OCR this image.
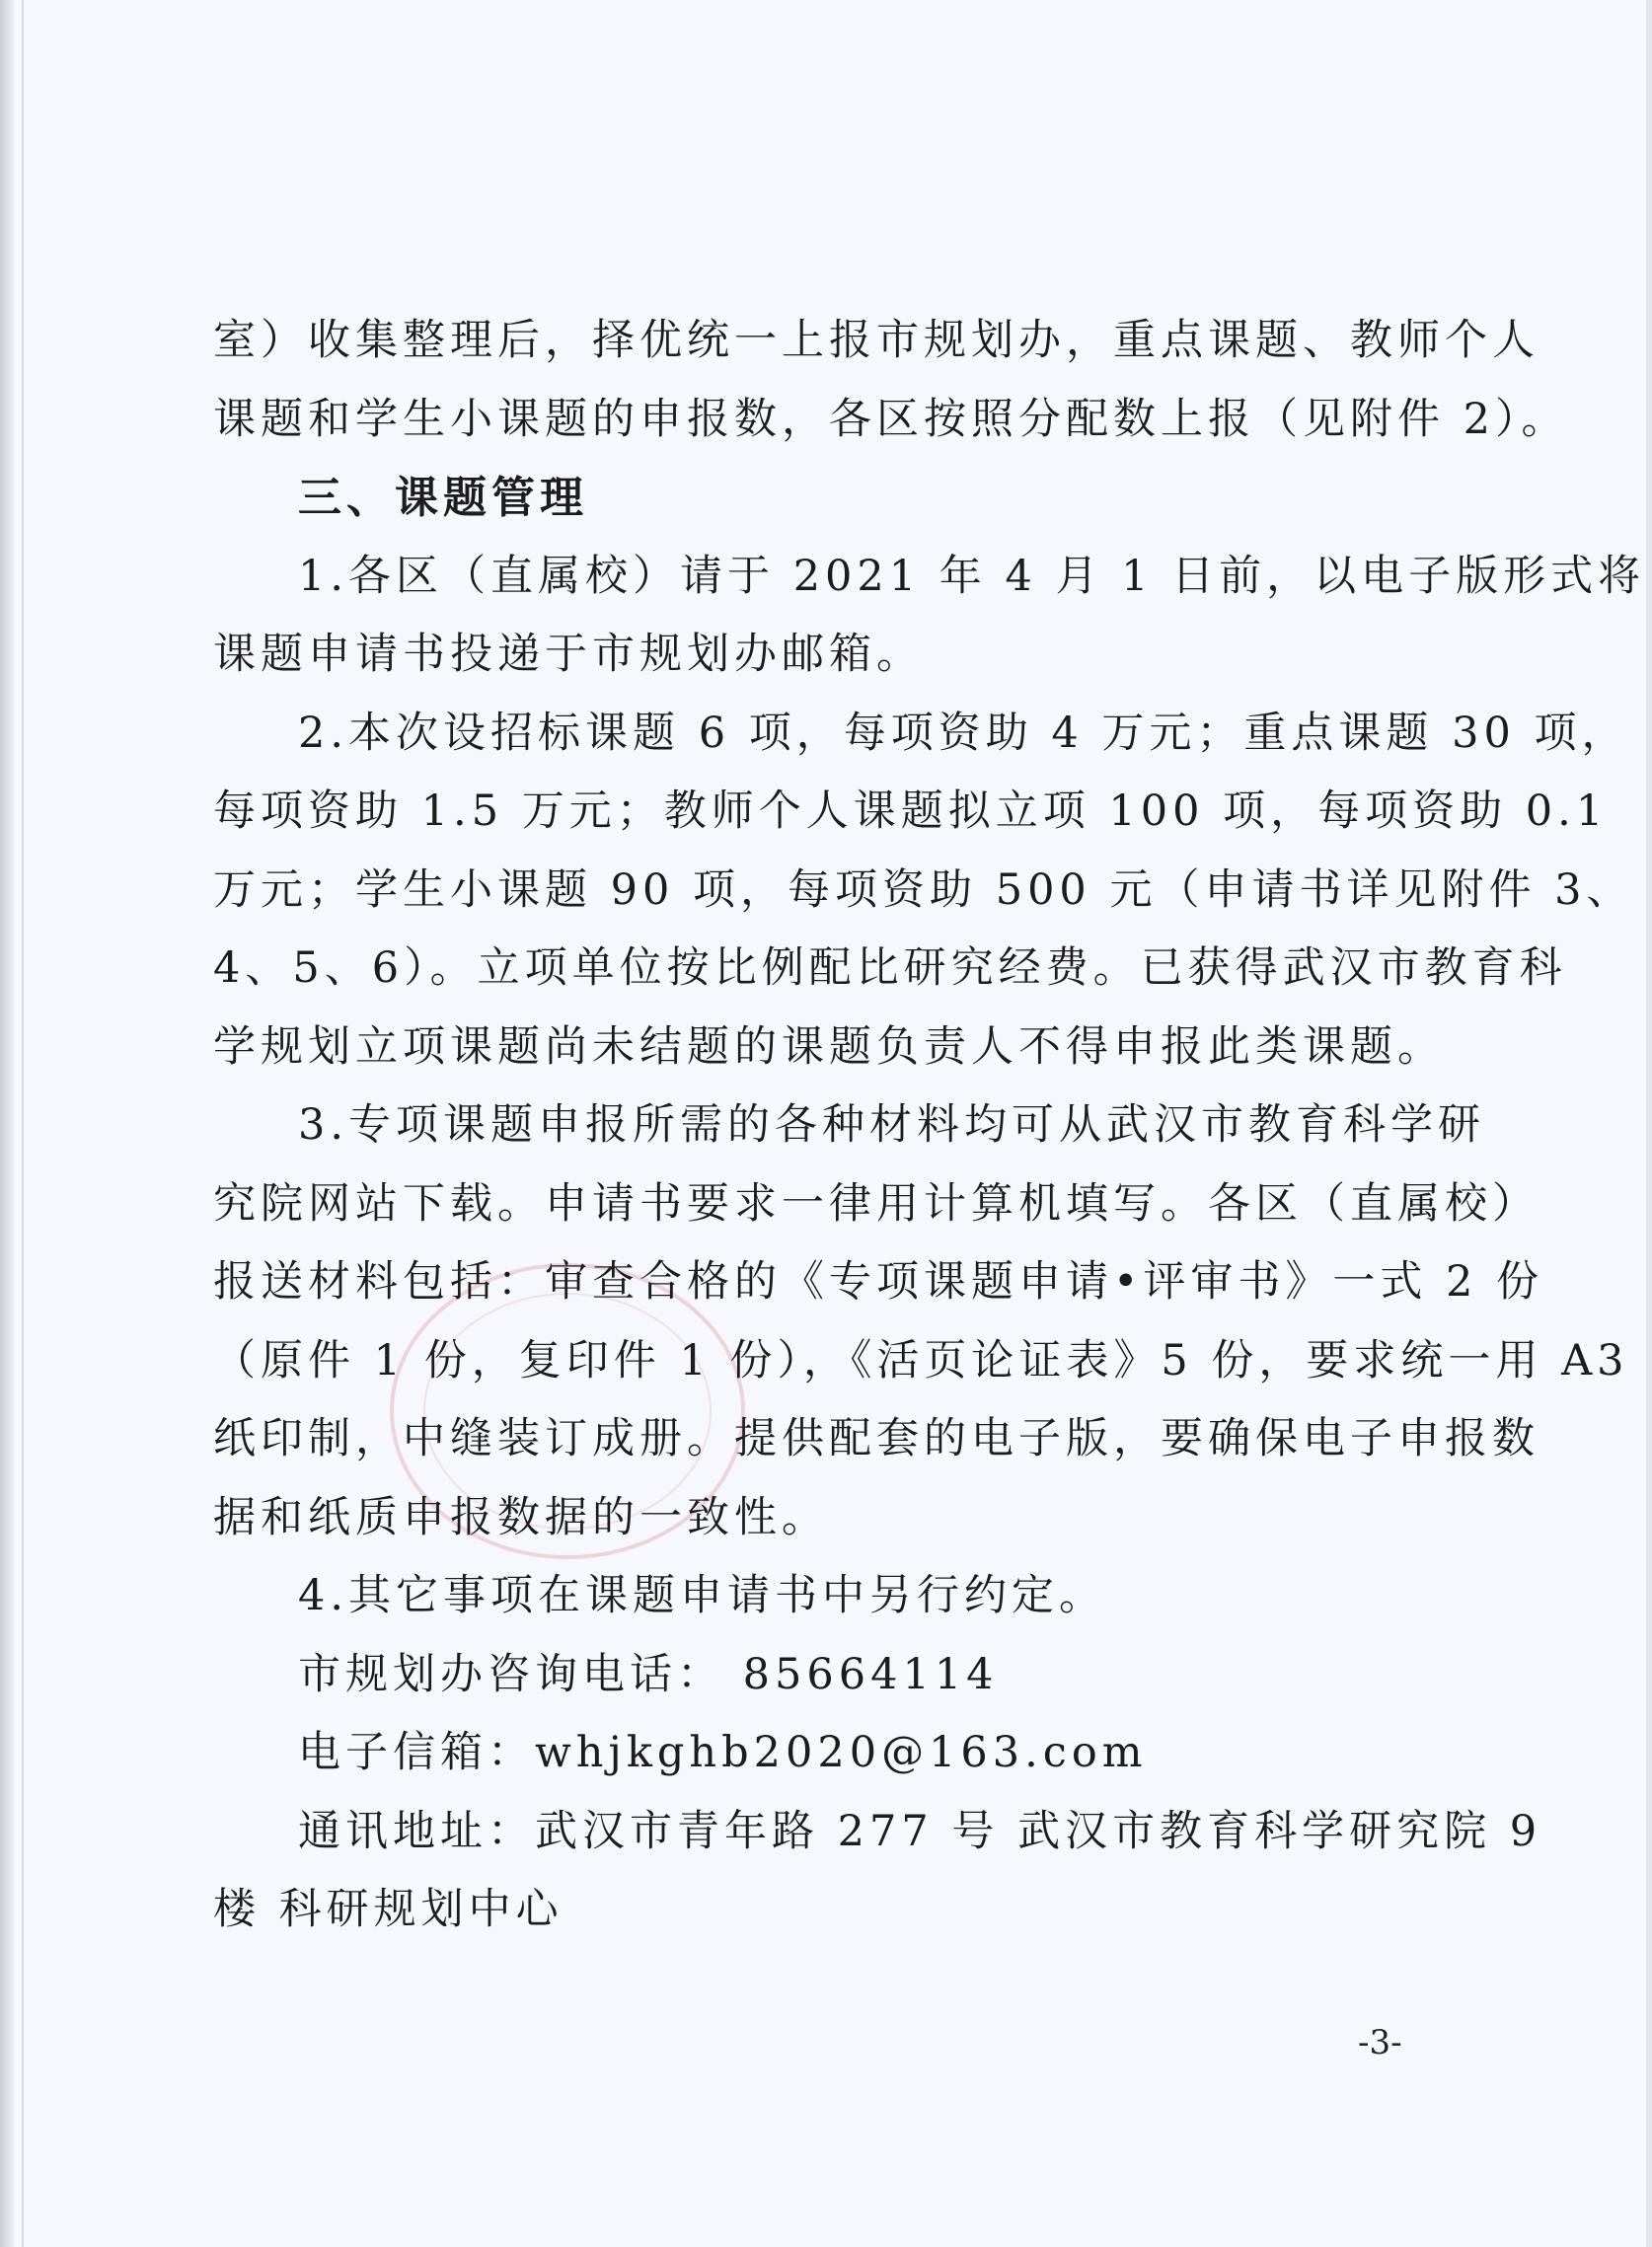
室）收集整理后，择优统一上报市规划办，重点课题、教师个人
课题和学生小课题的申报数，各区按照分配数上报（见附件 2）。
三、课题管理
1.各区（直属校）请于 2021 年 4 月 1 日前，以电子版形式将
课题申请书投递于市规划办邮箱。
2.本次设招标课题 6 项，每项资助 4 万元；重点课题 30 项，
每项资助 1.5 万元；教师个人课题拟立项 100 项，每项资助 0.1
万元；学生小课题 90 项，每项资助 500 元（申请书详见附件 3、
4、5、6）。立项单位按比例配比研究经费。已获得武汉市教育科
学规划立项课题尚未结题的课题负责人不得申报此类课题。
3.专项课题申报所需的各种材料均可从武汉市教育科学研
究院网站下载。申请书要求一律用计算机填写。各区（直属校）
报送材料包括：审查合格的《专项课题申请•评审书》一式 2 份
（原件 1 份，复印件 1 份），《活页论证表》5 份，要求统一用 A3
纸印制，中缝装订成册。提供配套的电子版，要确保电子申报数
据和纸质申报数据的一致性。
4.其它事项在课题申请书中另行约定。
市规划办咨询电话： 85664114
电子信箱：whjkghb2020@163.com
通讯地址：武汉市青年路 277 号 武汉市教育科学研究院 9
楼 科研规划中心
-3-
